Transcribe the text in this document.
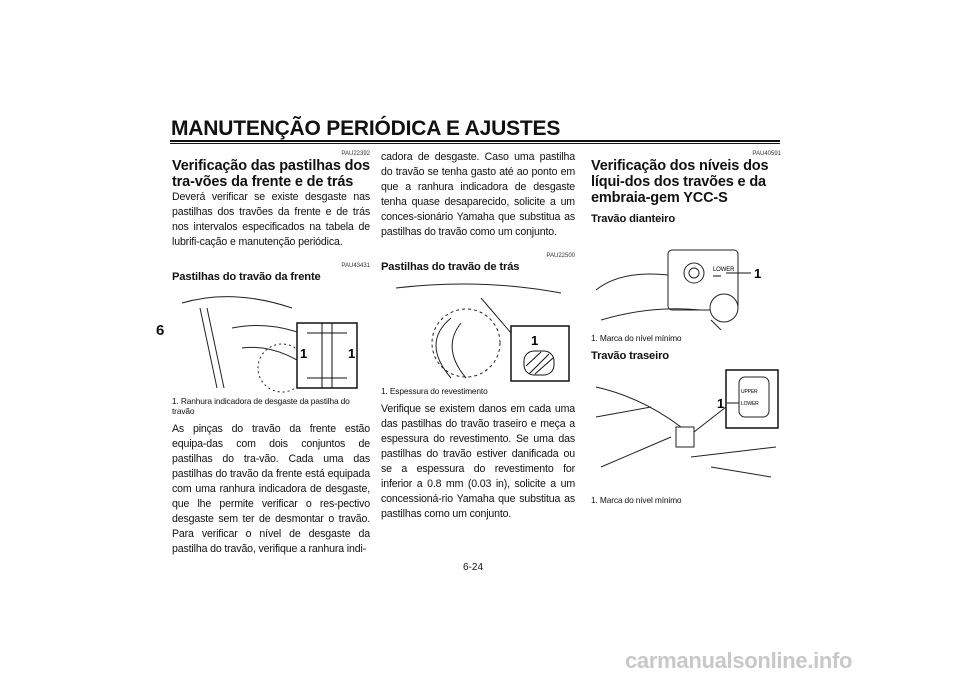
MANUTENÇÃO PERIÓDICA E AJUSTES
6
PAU22392
Verificação das pastilhas dos tra-vões da frente e de trás

Deverá verificar se existe desgaste nas pastilhas dos travões da frente e de trás nos intervalos especificados na tabela de lubrifi-cação e manutenção periódica.

PAU43431
Pastilhas do travão da frente
1	1
1. Ranhura indicadora de desgaste da pastilha do travão

As pinças do travão da frente estão equipa-das com dois conjuntos de pastilhas do tra-vão. Cada uma das pastilhas do travão da frente está equipada com uma ranhura indicadora de desgaste, que lhe permite verificar o res-pectivo desgaste sem ter de desmontar o travão. Para verificar o nível de desgaste da pastilha do travão, verifique a ranhura indi-

cadora de desgaste. Caso uma pastilha do travão se tenha gasto até ao ponto em que a ranhura indicadora de desgaste tenha quase desaparecido, solicite a um conces-sionário Yamaha que substitua as pastilhas do travão como um conjunto.

PAU22500
Pastilhas do travão de trás
1
1. Espessura do revestimento

Verifique se existem danos em cada uma das pastilhas do travão traseiro e meça a espessura do revestimento. Se uma das pastilhas do travão estiver danificada ou se a espessura do revestimento for inferior a 0.8 mm (0.03 in), solicite a um concessioná-rio Yamaha que substitua as pastilhas como um conjunto.

PAU40591
Verificação dos níveis dos líqui-dos dos travões e da embraia-gem YCC-S
Travão dianteiro
LOWER 1
1. Marca do nível mínimo
Travão traseiro
UPPER
LOWER
1
1. Marca do nível mínimo
6-24
carmanualsonline.info
